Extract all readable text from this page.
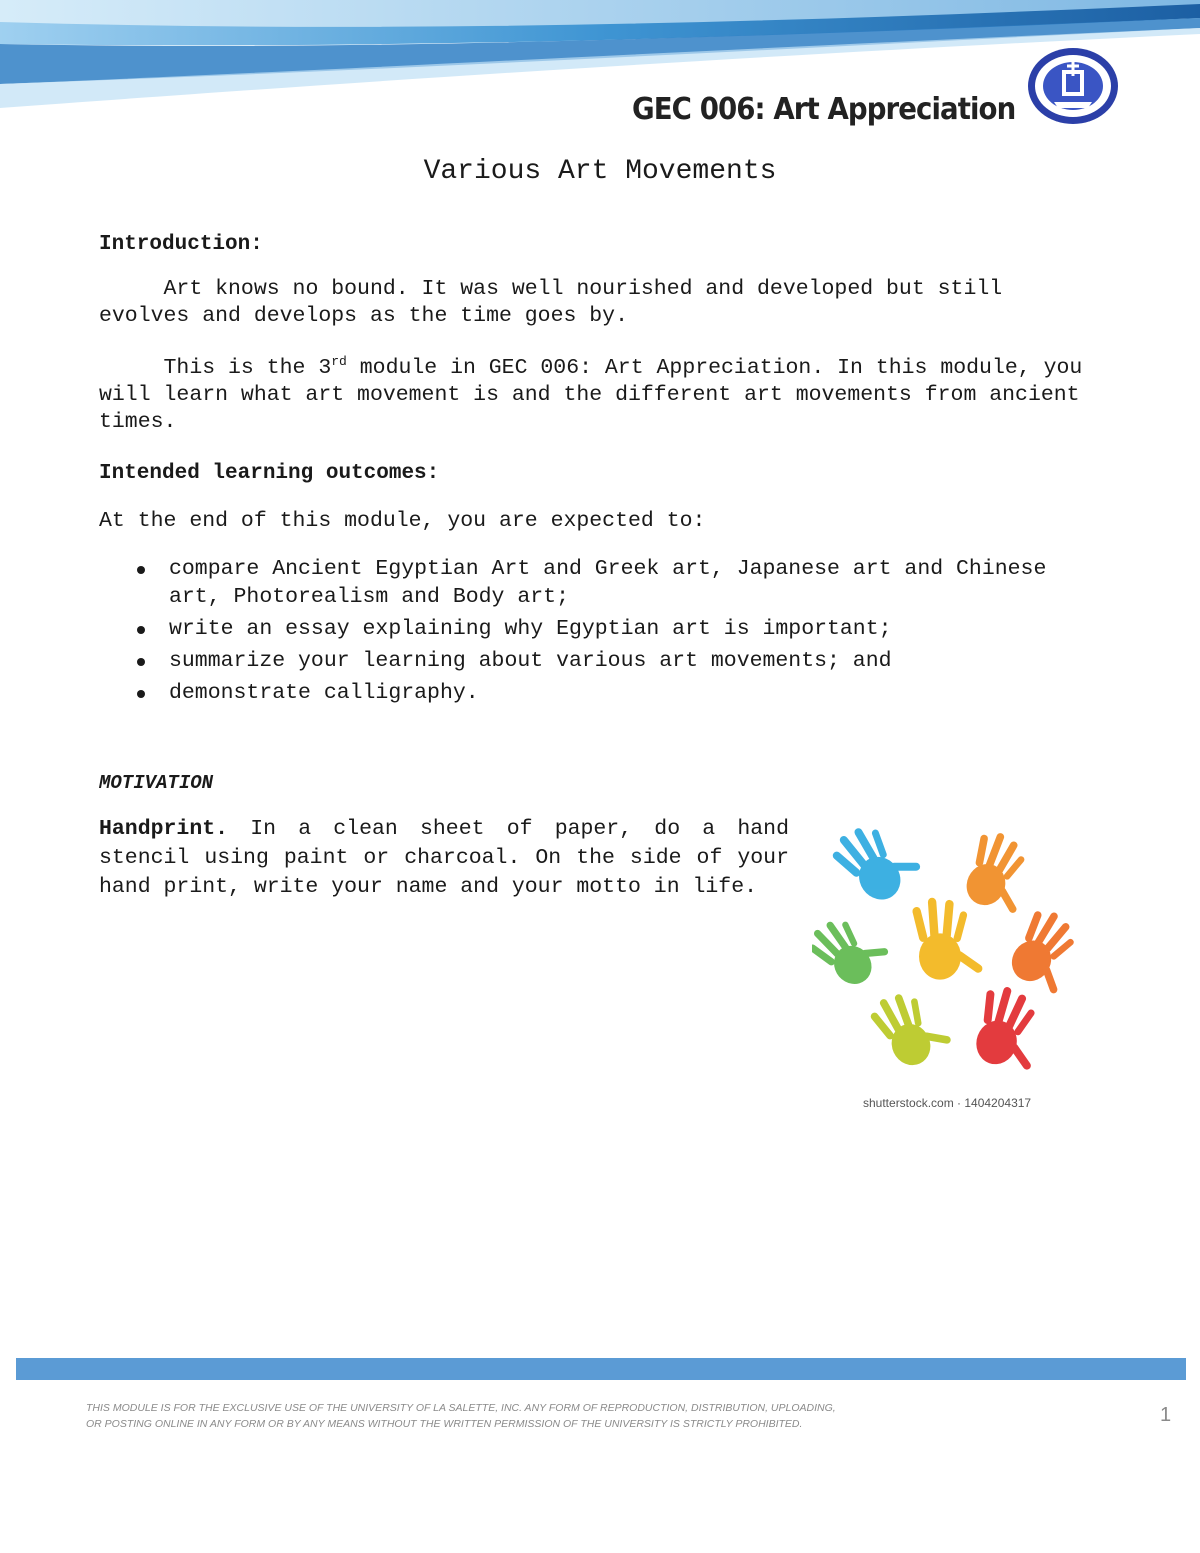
GEC 006: Art Appreciation
Various Art Movements
Introduction:
Art knows no bound. It was well nourished and developed but still evolves and develops as the time goes by.
This is the 3rd module in GEC 006: Art Appreciation. In this module, you will learn what art movement is and the different art movements from ancient times.
Intended learning outcomes:
At the end of this module, you are expected to:
compare Ancient Egyptian Art and Greek art, Japanese art and Chinese art, Photorealism and Body art;
write an essay explaining why Egyptian art is important;
summarize your learning about various art movements; and
demonstrate calligraphy.
MOTIVATION
Handprint. In a clean sheet of paper, do a hand stencil using paint or charcoal. On the side of your hand print, write your name and your motto in life.
shutterstock.com · 1404204317
THIS MODULE IS FOR THE EXCLUSIVE USE OF THE UNIVERSITY OF LA SALETTE, INC. ANY FORM OF REPRODUCTION, DISTRIBUTION, UPLOADING,
OR POSTING ONLINE IN ANY FORM OR BY ANY MEANS WITHOUT THE WRITTEN PERMISSION OF THE UNIVERSITY IS STRICTLY PROHIBITED.	1
